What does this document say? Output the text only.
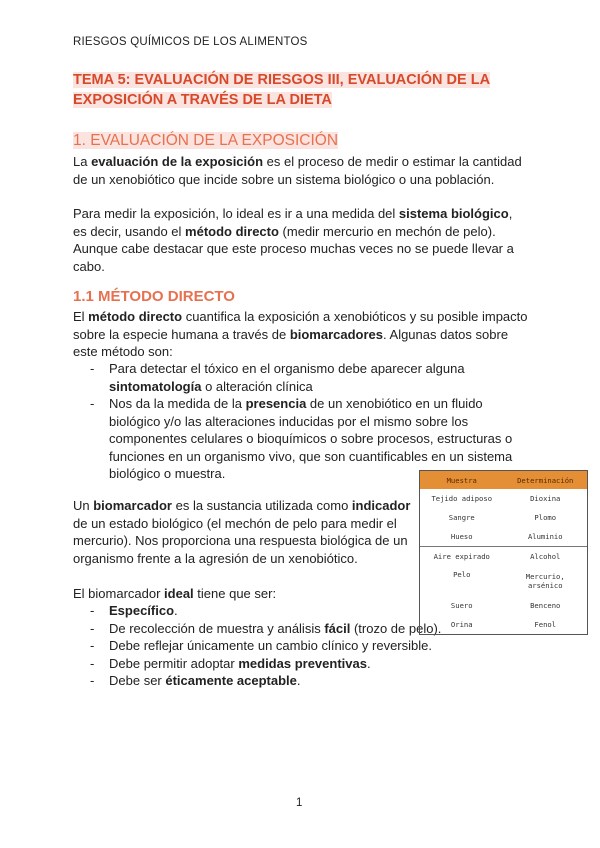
RIESGOS QUÍMICOS DE LOS ALIMENTOS
TEMA 5: EVALUACIÓN DE RIESGOS III, EVALUACIÓN DE LA EXPOSICIÓN A TRAVÉS DE LA DIETA
1. EVALUACIÓN DE LA EXPOSICIÓN
La evaluación de la exposición es el proceso de medir o estimar la cantidad de un xenobiótico que incide sobre un sistema biológico o una población.
Para medir la exposición, lo ideal es ir a una medida del sistema biológico, es decir, usando el método directo (medir mercurio en mechón de pelo). Aunque cabe destacar que este proceso muchas veces no se puede llevar a cabo.
1.1 MÉTODO DIRECTO
El método directo cuantifica la exposición a xenobióticos y su posible impacto sobre la especie humana a través de biomarcadores. Algunas datos sobre este método son:
- Para detectar el tóxico en el organismo debe aparecer alguna sintomatología o alteración clínica
- Nos da la medida de la presencia de un xenobiótico en un fluido biológico y/o las alteraciones inducidas por el mismo sobre los componentes celulares o bioquímicos o sobre procesos, estructuras o funciones en un organismo vivo, que son cuantificables en un sistema biológico o muestra.
Un biomarcador es la sustancia utilizada como indicador de un estado biológico (el mechón de pelo para medir el mercurio). Nos proporciona una respuesta biológica de un organismo frente a la agresión de un xenobiótico.
El biomarcador ideal tiene que ser:
- Específico.
- De recolección de muestra y análisis fácil (trozo de pelo).
- Debe reflejar únicamente un cambio clínico y reversible.
- Debe permitir adoptar medidas preventivas.
- Debe ser éticamente aceptable.
Muestra	Determinación
Tejido adiposo	Dioxina
Sangre	Plomo
Hueso	Aluminio
Aire expirado	Alcohol
Pelo	Mercurio, arsénico
Suero	Benceno
Orina	Fenol
1
